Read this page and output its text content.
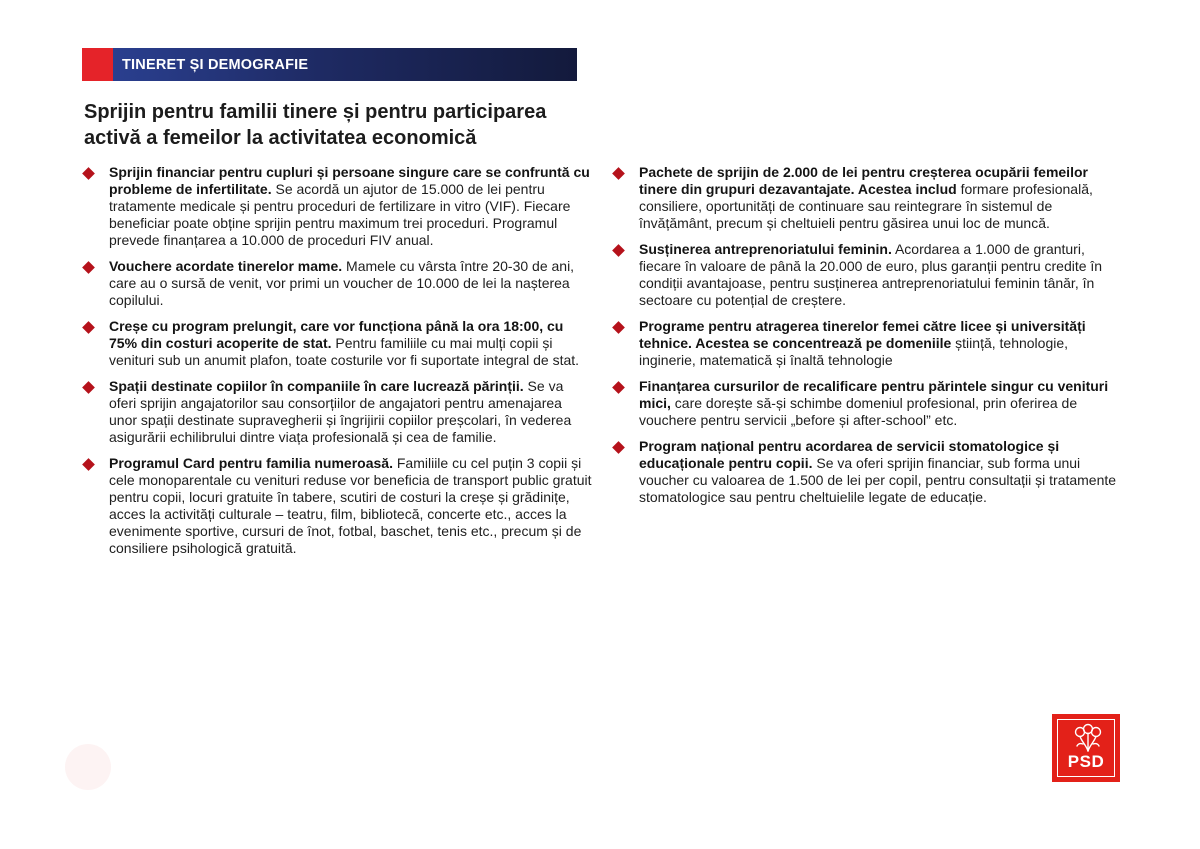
TINERET ȘI DEMOGRAFIE
Sprijin pentru familii tinere și pentru participarea activă a femeilor la activitatea economică
Sprijin financiar pentru cupluri și persoane singure care se confruntă cu probleme de infertilitate. Se acordă un ajutor de 15.000 de lei pentru tratamente medicale și pentru proceduri de fertilizare in vitro (VIF). Fiecare beneficiar poate obține sprijin pentru maximum trei proceduri. Programul prevede finanțarea a 10.000 de proceduri FIV anual.
Vouchere acordate tinerelor mame. Mamele cu vârsta între 20-30 de ani, care au o sursă de venit, vor primi un voucher de 10.000 de lei la nașterea copilului.
Creșe cu program prelungit, care vor funcționa până la ora 18:00, cu 75% din costuri acoperite de stat. Pentru familiile cu mai mulți copii și venituri sub un anumit plafon, toate costurile vor fi suportate integral de stat.
Spații destinate copiilor în companiile în care lucrează părinții. Se va oferi sprijin angajatorilor sau consorțiilor de angajatori pentru amenajarea unor spații destinate supravegherii și îngrijirii copiilor preșcolari, în vederea asigurării echilibrului dintre viața profesională și cea de familie.
Programul Card pentru familia numeroasă. Familiile cu cel puțin 3 copii și cele monoparentale cu venituri reduse vor beneficia de transport public gratuit pentru copii, locuri gratuite în tabere, scutiri de costuri la creșe și grădinițe, acces la activități culturale – teatru, film, bibliotecă, concerte etc., acces la evenimente sportive, cursuri de înot, fotbal, baschet, tenis etc., precum și de consiliere psihologică gratuită.
Pachete de sprijin de 2.000 de lei pentru creșterea ocupării femeilor tinere din grupuri dezavantajate. Acestea includ formare profesională, consiliere, oportunități de continuare sau reintegrare în sistemul de învățământ, precum și cheltuieli pentru găsirea unui loc de muncă.
Susținerea antreprenoriatului feminin. Acordarea a 1.000 de granturi, fiecare în valoare de până la 20.000 de euro, plus garanții pentru credite în condiții avantajoase, pentru susținerea antreprenoriatului feminin tânăr, în sectoare cu potențial de creștere.
Programe pentru atragerea tinerelor femei către licee și universități tehnice. Acestea se concentrează pe domeniile știință, tehnologie, inginerie, matematică și înaltă tehnologie
Finanțarea cursurilor de recalificare pentru părintele singur cu venituri mici, care dorește să-și schimbe domeniul profesional, prin oferirea de vouchere pentru servicii „before și after-school” etc.
Program național pentru acordarea de servicii stomatologice și educaționale pentru copii. Se va oferi sprijin financiar, sub forma unui voucher cu valoarea de 1.500 de lei per copil, pentru consultații și tratamente stomatologice sau pentru cheltuielile legate de educație.
PSD
